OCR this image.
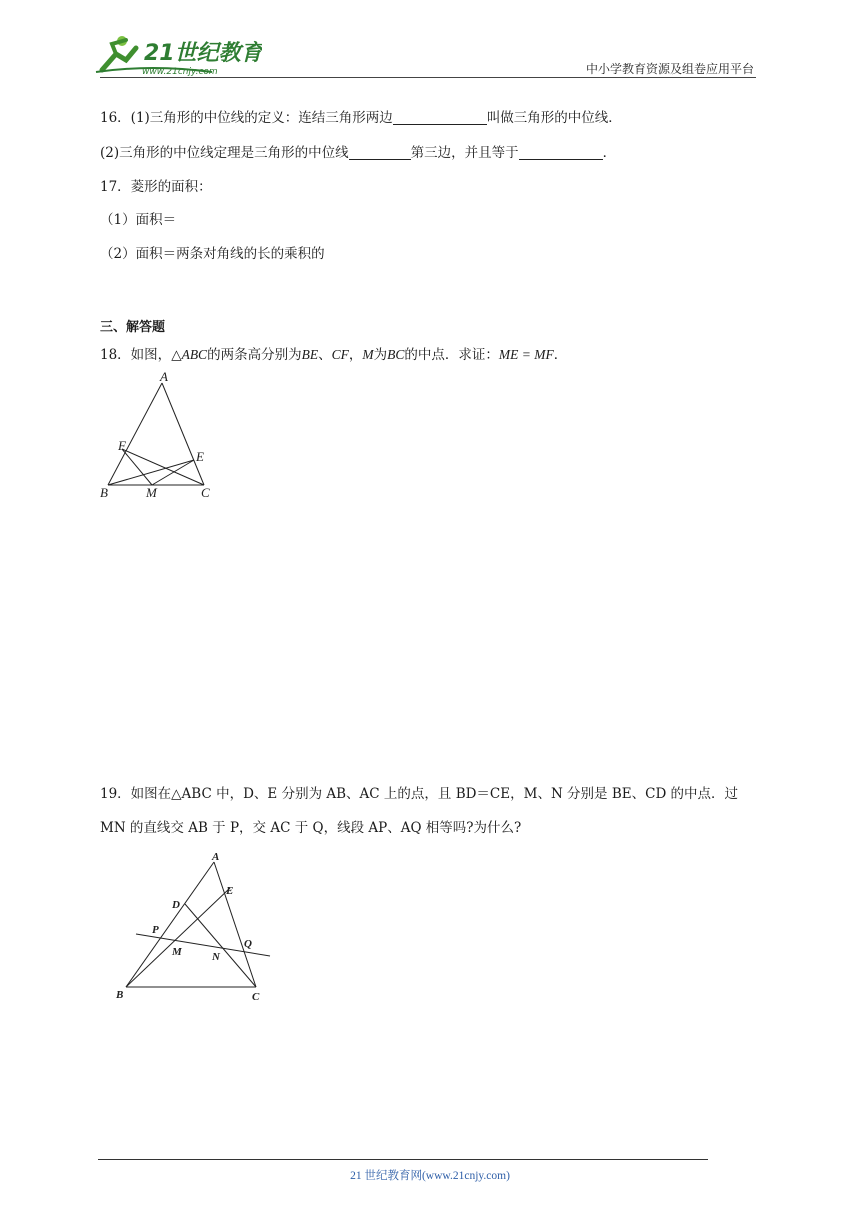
21世纪教育
www.21cnjy.com	中小学教育资源及组卷应用平台
16．(1)三角形的中位线的定义：连结三角形两边	叫做三角形的中位线．
(2)三角形的中位线定理是三角形的中位线	第三边，并且等于	．
17．菱形的面积：
（1）面积＝
（2）面积＝两条对角线的长的乘积的
三、解答题
18．如图，△ABC的两条高分别为BE、CF，M为BC的中点．求证：ME = MF．
A
B	C
E
F
M
19．如图在△ABC 中，D、E 分别为 AB、AC 上的点，且 BD＝CE，M、N 分别是 BE、CD 的中点．过
MN 的直线交 AB 于 P，交 AC 于 Q，线段 AP、AQ 相等吗?为什么?
A
B	C
D
E
M	N
P
Q
21 世纪教育网(www.21cnjy.com)
